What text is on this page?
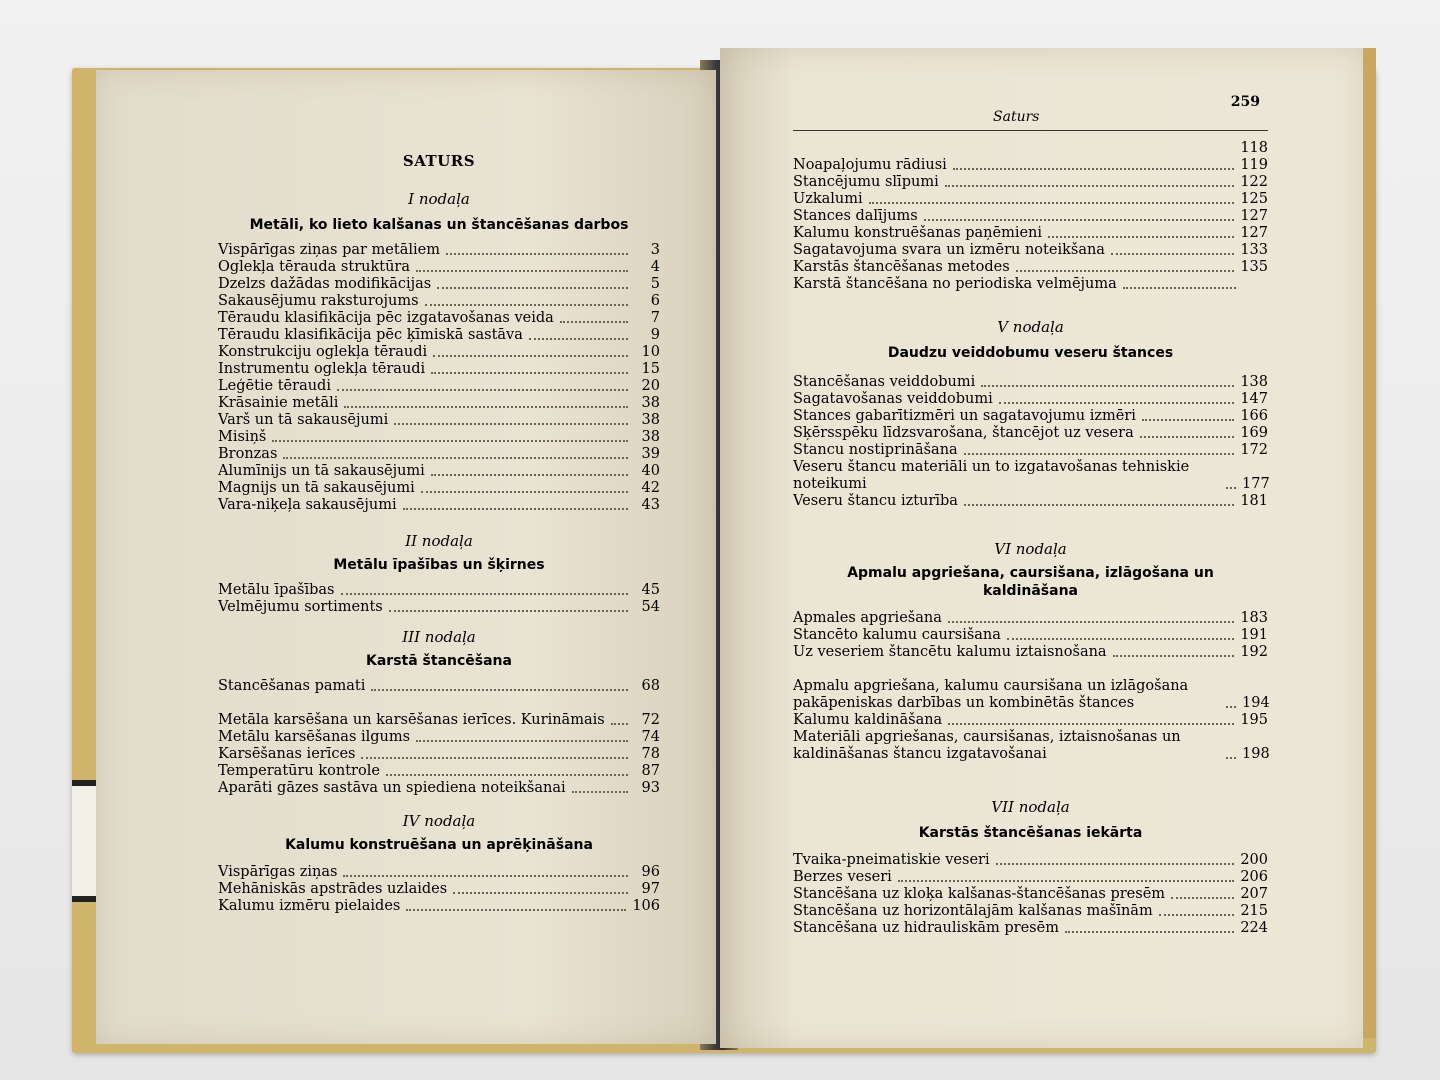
SATURS
I nodaļa
Metāli, ko lieto kalšanas un štancēšanas darbos
Vispārīgas ziņas par metāliem	3
Oglekļa tērauda struktūra	4
Dzelzs dažādas modifikācijas	5
Sakausējumu raksturojums	6
Tēraudu klasifikācija pēc izgatavošanas veida	7
Tēraudu klasifikācija pēc ķīmiskā sastāva	9
Konstrukciju oglekļa tēraudi	10
Instrumentu oglekļa tēraudi	15
Leģētie tēraudi	20
Krāsainie metāli	38
Varš un tā sakausējumi	38
Misiņš	38
Bronzas	39
Alumīnijs un tā sakausējumi	40
Magnijs un tā sakausējumi	42
Vara-niķeļa sakausējumi	43
II nodaļa
Metālu īpašības un šķirnes
Metālu īpašības	45
Velmējumu sortiments	54
III nodaļa
Karstā štancēšana
Štancēšanas pamati	68
Metāla karsēšana un karsēšanas ierīces. Kurināmais	72
Metālu karsēšanas ilgums	74
Karsēšanas ierīces	78
Temperatūru kontrole	87
Aparāti gāzes sastāva un spiediena noteikšanai	93
IV nodaļa
Kalumu konstruēšana un aprēķināšana
Vispārīgas ziņas	96
Mehāniskās apstrādes uzlaides	97
Kalumu izmēru pielaides	106
Saturs
259
118
Noapaļojumu rādiusi	119
Štancējumu slīpumi	122
Uzkalumi	125
Štances dalījums	127
Kalumu konstruēšanas paņēmieni	127
Sagatavojuma svara un izmēru noteikšana	133
Karstās štancēšanas metodes	135
Karstā štancēšana no periodiska velmējuma
V nodaļa
Daudzu veiddobumu veseru štances
Štancēšanas veiddobumi	138
Sagatavošanas veiddobumi	147
Štances gabarītizmēri un sagatavojumu izmēri	166
Šķērsspēku līdzsvarošana, štancējot uz vesera	169
Štancu nostiprināšana	172
Veseru štancu materiāli un to izgatavošanas tehniskie noteikumi	177
Veseru štancu izturība	181
VI nodaļa
Apmalu apgriešana, caursišana, izlāgošana un kaldināšana
Apmales apgriešana	183
Štancēto kalumu caursišana	191
Uz veseriem štancētu kalumu iztaisnošana	192
Apmalu apgriešana, kalumu caursišana un izlāgošana pakāpeniskas darbības un kombinētās štances	194
Kalumu kaldināšana	195
Materiāli apgriešanas, caursišanas, iztaisnošanas un kaldināšanas štancu izgatavošanai	198
VII nodaļa
Karstās štancēšanas iekārta
Tvaika-pneimatiskie veseri	200
Berzes veseri	206
Štancēšana uz kloķa kalšanas-štancēšanas presēm	207
Štancēšana uz horizontālajām kalšanas mašīnām	215
Štancēšana uz hidrauliskām presēm	224
